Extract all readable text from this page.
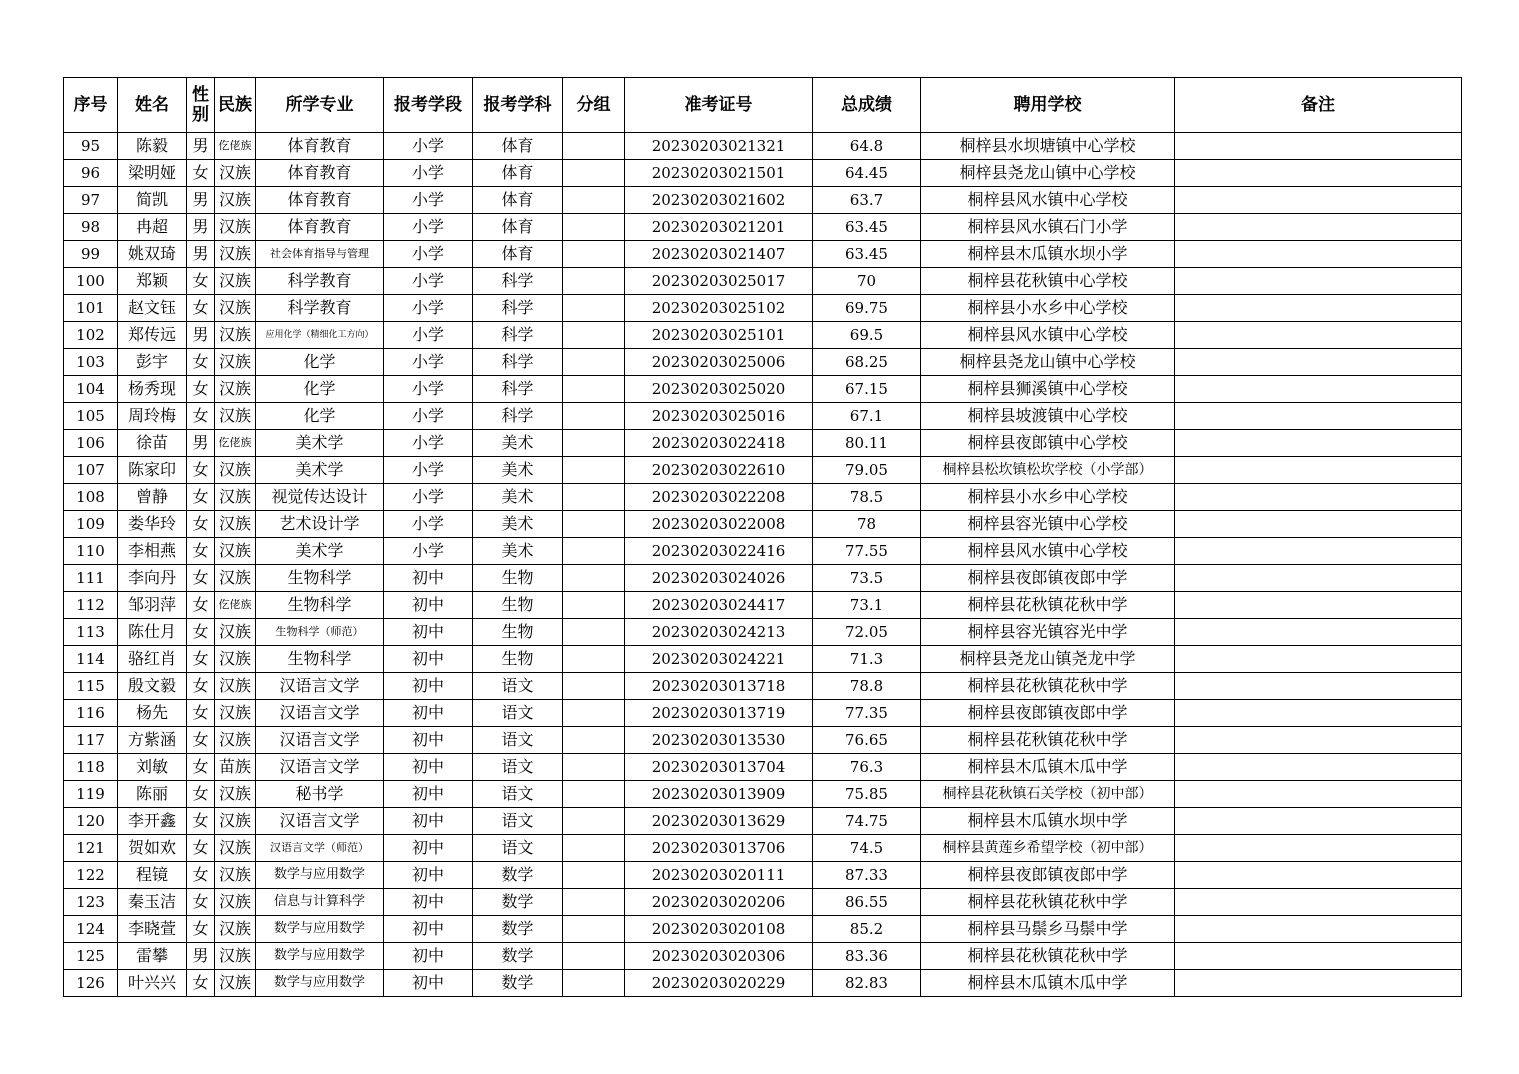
序号	姓名	性别	民族	所学专业	报考学段	报考学科	分组	准考证号	总成绩	聘用学校	备注
95	陈毅	男	仡佬族	体育教育	小学	体育		20230203021321	64.8	桐梓县水坝塘镇中心学校	
96	梁明娅	女	汉族	体育教育	小学	体育		20230203021501	64.45	桐梓县尧龙山镇中心学校	
97	简凯	男	汉族	体育教育	小学	体育		20230203021602	63.7	桐梓县风水镇中心学校	
98	冉超	男	汉族	体育教育	小学	体育		20230203021201	63.45	桐梓县风水镇石门小学	
99	姚双琦	男	汉族	社会体育指导与管理	小学	体育		20230203021407	63.45	桐梓县木瓜镇水坝小学	
100	郑颖	女	汉族	科学教育	小学	科学		20230203025017	70	桐梓县花秋镇中心学校	
101	赵文钰	女	汉族	科学教育	小学	科学		20230203025102	69.75	桐梓县小水乡中心学校	
102	郑传远	男	汉族	应用化学（精细化工方向）	小学	科学		20230203025101	69.5	桐梓县风水镇中心学校	
103	彭宇	女	汉族	化学	小学	科学		20230203025006	68.25	桐梓县尧龙山镇中心学校	
104	杨秀现	女	汉族	化学	小学	科学		20230203025020	67.15	桐梓县狮溪镇中心学校	
105	周玲梅	女	汉族	化学	小学	科学		20230203025016	67.1	桐梓县坡渡镇中心学校	
106	徐苗	男	仡佬族	美术学	小学	美术		20230203022418	80.11	桐梓县夜郎镇中心学校	
107	陈家印	女	汉族	美术学	小学	美术		20230203022610	79.05	桐梓县松坎镇松坎学校（小学部）	
108	曾静	女	汉族	视觉传达设计	小学	美术		20230203022208	78.5	桐梓县小水乡中心学校	
109	娄华玲	女	汉族	艺术设计学	小学	美术		20230203022008	78	桐梓县容光镇中心学校	
110	李相燕	女	汉族	美术学	小学	美术		20230203022416	77.55	桐梓县风水镇中心学校	
111	李向丹	女	汉族	生物科学	初中	生物		20230203024026	73.5	桐梓县夜郎镇夜郎中学	
112	邹羽萍	女	仡佬族	生物科学	初中	生物		20230203024417	73.1	桐梓县花秋镇花秋中学	
113	陈仕月	女	汉族	生物科学（师范）	初中	生物		20230203024213	72.05	桐梓县容光镇容光中学	
114	骆红肖	女	汉族	生物科学	初中	生物		20230203024221	71.3	桐梓县尧龙山镇尧龙中学	
115	殷文毅	女	汉族	汉语言文学	初中	语文		20230203013718	78.8	桐梓县花秋镇花秋中学	
116	杨先	女	汉族	汉语言文学	初中	语文		20230203013719	77.35	桐梓县夜郎镇夜郎中学	
117	方紫涵	女	汉族	汉语言文学	初中	语文		20230203013530	76.65	桐梓县花秋镇花秋中学	
118	刘敏	女	苗族	汉语言文学	初中	语文		20230203013704	76.3	桐梓县木瓜镇木瓜中学	
119	陈丽	女	汉族	秘书学	初中	语文		20230203013909	75.85	桐梓县花秋镇石关学校（初中部）	
120	李开鑫	女	汉族	汉语言文学	初中	语文		20230203013629	74.75	桐梓县木瓜镇水坝中学	
121	贺如欢	女	汉族	汉语言文学（师范）	初中	语文		20230203013706	74.5	桐梓县黄莲乡希望学校（初中部）	
122	程镜	女	汉族	数学与应用数学	初中	数学		20230203020111	87.33	桐梓县夜郎镇夜郎中学	
123	秦玉洁	女	汉族	信息与计算科学	初中	数学		20230203020206	86.55	桐梓县花秋镇花秋中学	
124	李晓萱	女	汉族	数学与应用数学	初中	数学		20230203020108	85.2	桐梓县马鬃乡马鬃中学	
125	雷攀	男	汉族	数学与应用数学	初中	数学		20230203020306	83.36	桐梓县花秋镇花秋中学	
126	叶兴兴	女	汉族	数学与应用数学	初中	数学		20230203020229	82.83	桐梓县木瓜镇木瓜中学	
